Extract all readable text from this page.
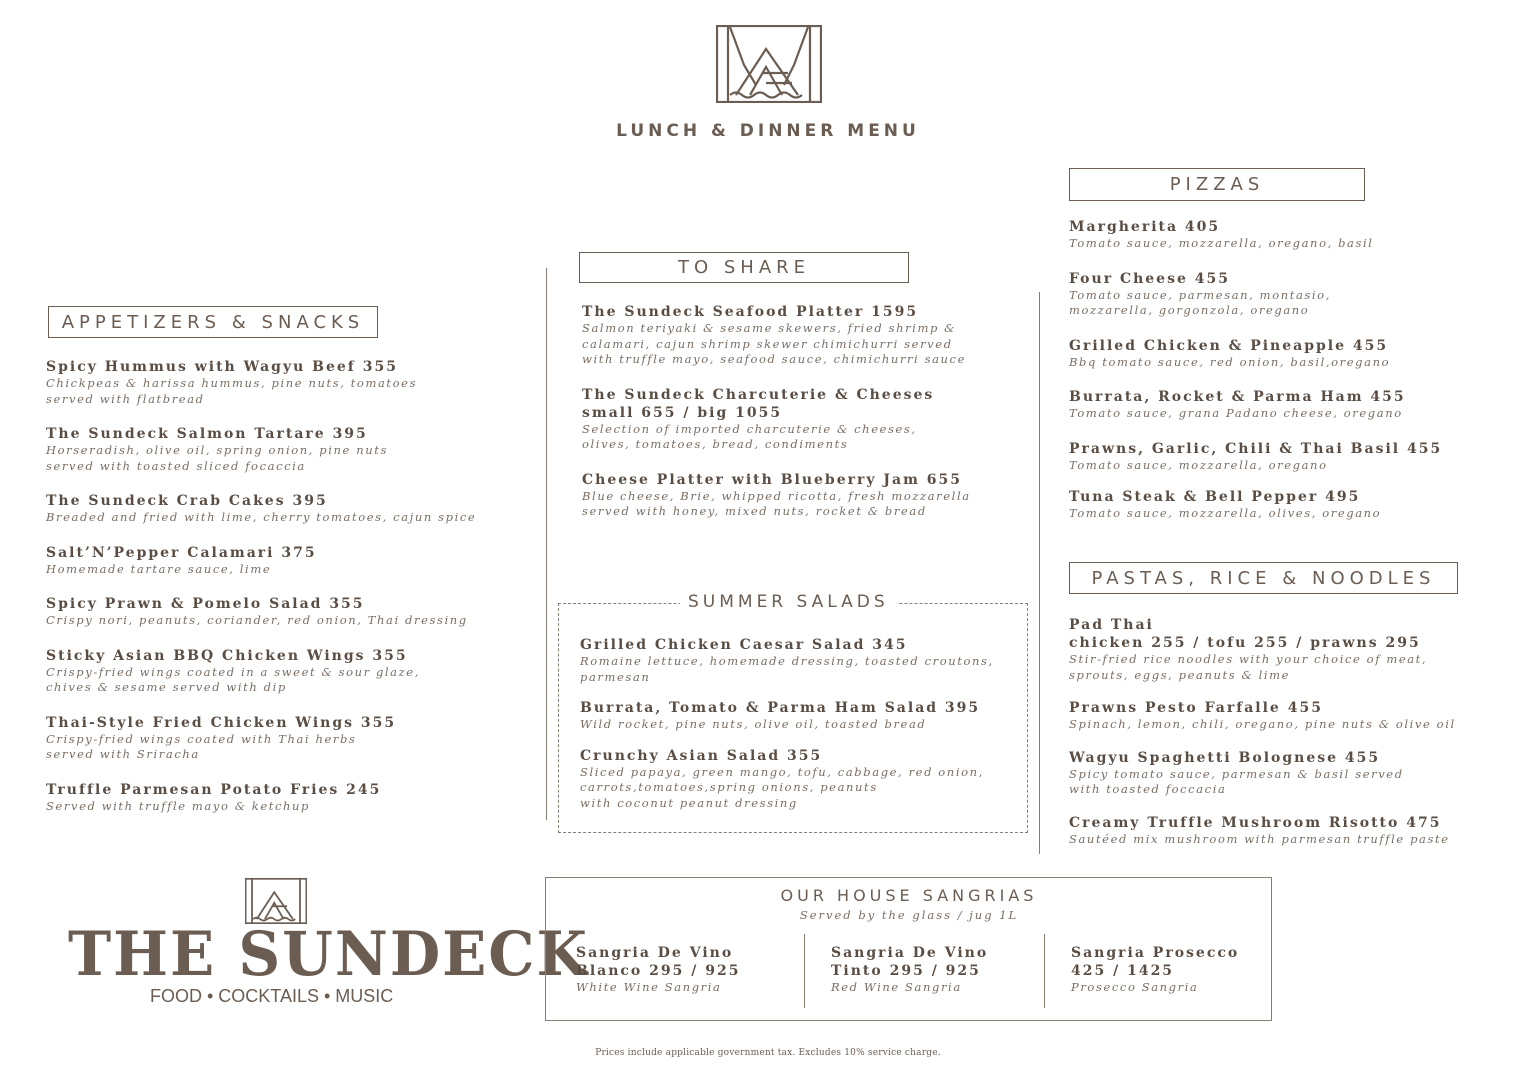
LUNCH & DINNER MENU
APPETIZERS & SNACKS
Spicy Hummus with Wagyu Beef 355
Chickpeas & harissa hummus, pine nuts, tomatoes
served with flatbread
The Sundeck Salmon Tartare 395
Horseradish, olive oil, spring onion, pine nuts
served with toasted sliced focaccia
The Sundeck Crab Cakes 395
Breaded and fried with lime, cherry tomatoes, cajun spice
Salt’N’Pepper Calamari 375
Homemade tartare sauce, lime
Spicy Prawn & Pomelo Salad 355
Crispy nori, peanuts, coriander, red onion, Thai dressing
Sticky Asian BBQ Chicken Wings 355
Crispy-fried wings coated in a sweet & sour glaze,
chives & sesame served with dip
Thai-Style Fried Chicken Wings 355
Crispy-fried wings coated with Thai herbs
served with Sriracha
Truffle Parmesan Potato Fries 245
Served with truffle mayo & ketchup
TO SHARE
The Sundeck Seafood Platter 1595
Salmon teriyaki & sesame skewers, fried shrimp &
calamari, cajun shrimp skewer chimichurri served
with truffle mayo, seafood sauce, chimichurri sauce
The Sundeck Charcuterie & Cheeses
small 655 / big 1055
Selection of imported charcuterie & cheeses,
olives, tomatoes, bread, condiments
Cheese Platter with Blueberry Jam 655
Blue cheese, Brie, whipped ricotta, fresh mozzarella
served with honey, mixed nuts, rocket & bread
SUMMER SALADS
Grilled Chicken Caesar Salad 345
Romaine lettuce, homemade dressing, toasted croutons,
parmesan
Burrata, Tomato & Parma Ham Salad 395
Wild rocket, pine nuts, olive oil, toasted bread
Crunchy Asian Salad 355
Sliced papaya, green mango, tofu, cabbage, red onion,
carrots,tomatoes,spring onions, peanuts
with coconut peanut dressing
PIZZAS
Margherita 405
Tomato sauce, mozzarella, oregano, basil
Four Cheese 455
Tomato sauce, parmesan, montasio,
mozzarella, gorgonzola, oregano
Grilled Chicken & Pineapple 455
Bbq tomato sauce, red onion, basil,oregano
Burrata, Rocket & Parma Ham 455
Tomato sauce, grana Padano cheese, oregano
Prawns, Garlic, Chili & Thai Basil 455
Tomato sauce, mozzarella, oregano
Tuna Steak & Bell Pepper 495
Tomato sauce, mozzarella, olives, oregano
PASTAS, RICE & NOODLES
Pad Thai
chicken 255 / tofu 255 / prawns 295
Stir-fried rice noodles with your choice of meat,
sprouts, eggs, peanuts & lime
Prawns Pesto Farfalle 455
Spinach, lemon, chili, oregano, pine nuts & olive oil
Wagyu Spaghetti Bolognese 455
Spicy tomato sauce, parmesan & basil served
with toasted foccacia
Creamy Truffle Mushroom Risotto 475
Sautéed mix mushroom with parmesan truffle paste
THE SUNDECK
FOOD • COCKTAILS • MUSIC
OUR HOUSE SANGRIAS
Served by the glass / jug 1L
Sangria De Vino
Blanco 295 / 925
White Wine Sangria
Sangria De Vino
Tinto 295 / 925
Red Wine Sangria
Sangria Prosecco
425 / 1425
Prosecco Sangria
Prices include applicable government tax. Excludes 10% service charge.
